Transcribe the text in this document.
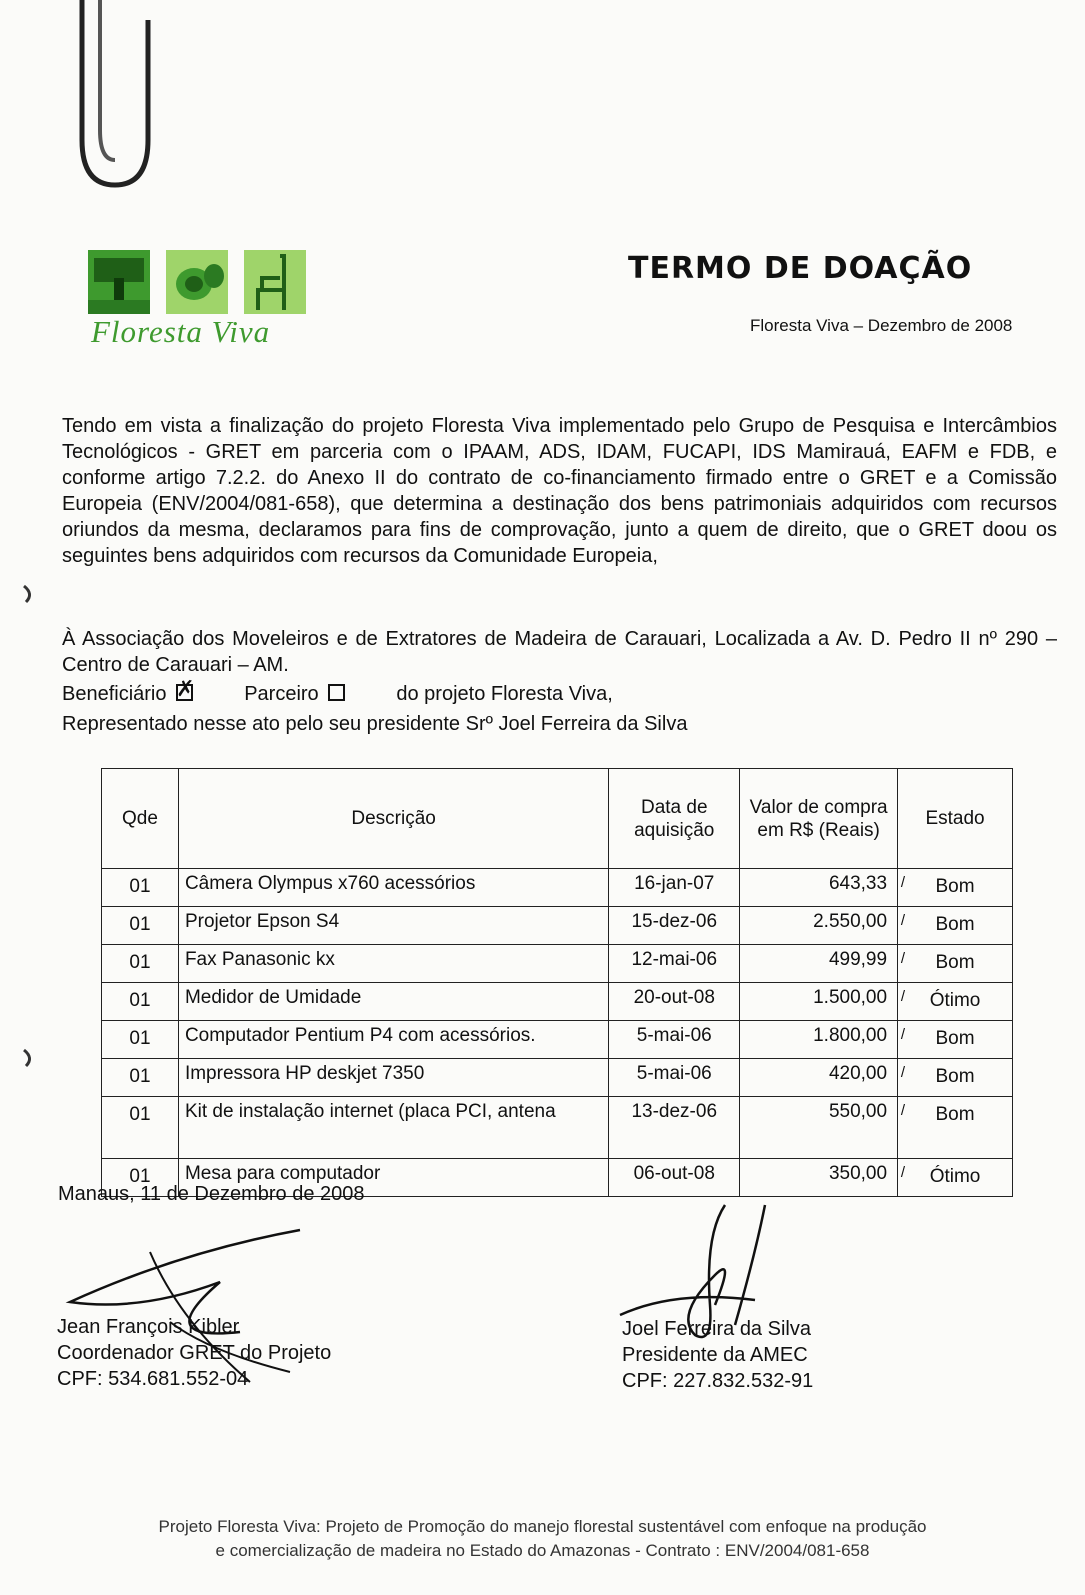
Floresta Viva
TERMO DE DOAÇÃO
Floresta Viva – Dezembro de 2008

Tendo em vista a finalização do projeto Floresta Viva implementado pelo Grupo de Pesquisa e Intercâmbios Tecnológicos - GRET em parceria com o IPAAM, ADS, IDAM, FUCAPI, IDS Mamirauá, EAFM e FDB, e conforme artigo 7.2.2. do Anexo II do contrato de co-financiamento firmado entre o GRET e a Comissão Europeia (ENV/2004/081-658), que determina a destinação dos bens patrimoniais adquiridos com recursos oriundos da mesma, declaramos para fins de comprovação, junto a quem de direito, que o GRET doou os seguintes bens adquiridos com recursos da Comunidade Europeia,

À Associação dos Moveleiros e de Extratores de Madeira de Carauari, Localizada a Av. D. Pedro II nº 290 – Centro de Carauari – AM.

Beneficiário ✗	Parceiro	do projeto Floresta Viva,
Representado nesse ato pelo seu presidente Srº Joel Ferreira da Silva
Qde	Descrição	Data de aquisição	Valor de compra em R$ (Reais)	Estado
01	Câmera Olympus x760 acessórios	16-jan-07	643,33 /	Bom
01	Projetor Epson S4	15-dez-06	2.550,00 /	Bom
01	Fax Panasonic kx	12-mai-06	499,99 /	Bom
01	Medidor de Umidade	20-out-08	1.500,00 /	Ótimo
01	Computador Pentium P4 com acessórios.	5-mai-06	1.800,00 /	Bom
01	Impressora HP deskjet 7350	5-mai-06	420,00 /	Bom
01	Kit de instalação internet (placa PCI, antena	13-dez-06	550,00 /	Bom
01	Mesa para computador	06-out-08	350,00 /	Ótimo
Manaus, 11 de Dezembro de 2008
Jean François Kibler
Coordenador GRET do Projeto
CPF: 534.681.552-04
Joel Ferreira da Silva
Presidente da AMEC
CPF: 227.832.532-91
Projeto Floresta Viva: Projeto de Promoção do manejo florestal sustentável com enfoque na produção
e comercialização de madeira no Estado do Amazonas - Contrato : ENV/2004/081-658
